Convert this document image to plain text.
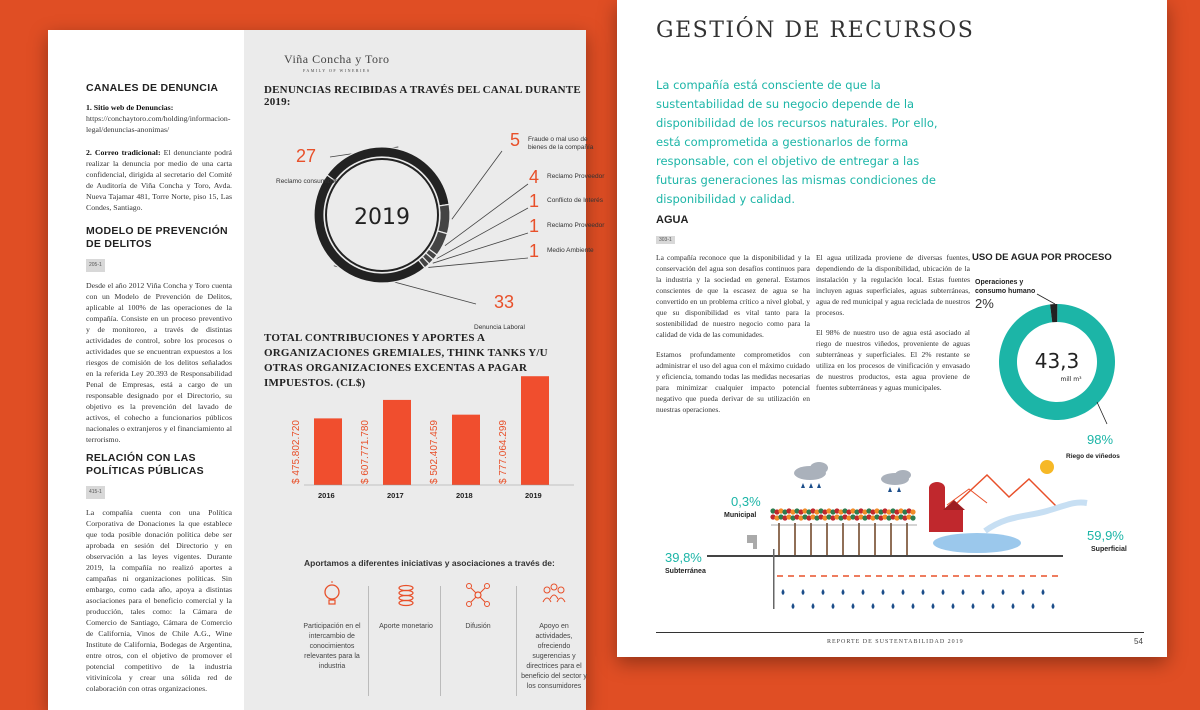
CANALES DE DENUNCIA

1. Sitio web de Denuncias:
https://conchaytoro.com/holding/informacion-legal/denuncias-anonimas/

2. Correo tradicional: El denunciante podrá realizar la denuncia por medio de una carta confidencial, dirigida al secretario del Comité de Auditoría de Viña Concha y Toro, Avda. Nueva Tajamar 481, Torre Norte, piso 15, Las Condes, Santiago.

MODELO DE PREVENCIÓN DE DELITOS
205-1

Desde el año 2012 Viña Concha y Toro cuenta con un Modelo de Prevención de Delitos, aplicable al 100% de las operaciones de la compañía. Consiste en un proceso preventivo y de monitoreo, a través de distintas actividades de control, sobre los procesos o actividades que se encuentran expuestos a los riesgos de comisión de los delitos señalados en la referida Ley 20.393 de Responsabilidad Penal de Empresas, está a cargo de un responsable designado por el Directorio, su objetivo es la prevención del lavado de activos, el cohecho a funcionarios públicos nacionales o extranjeros y el financiamiento al terrorismo.

RELACIÓN CON LAS POLÍTICAS PÚBLICAS
415-1

La compañía cuenta con una Política Corporativa de Donaciones la que establece que toda posible donación política debe ser aprobada en sesión del Directorio y en observación a las leyes vigentes. Durante 2019, la compañía no realizó aportes a campañas ni organizaciones políticas. Sin embargo, como cada año, apoya a distintas asociaciones para el beneficio comercial y la producción, tales como: la Cámara de Comercio de Santiago, Cámara de Comercio de California, Vinos de Chile A.G., Wine Institute de California, Bodegas de Argentina, entre otros, con el objetivo de promover el potencial competitivo de la industria vitivinícola y crear una sólida red de colaboración con otras organizaciones.

Viña Concha y Toro
FAMILY OF WINERIES
DENUNCIAS RECIBIDAS A TRAVÉS DEL CANAL DURANTE 2019:
2019
33
Denuncia Laboral
27
Reclamo consumidor
5 Fraude o mal uso de bienes de la compañía
4 Reclamo Proveedor
1 Conflicto de Interés
1 Reclamo Proveedor
1 Medio Ambiente
TOTAL CONTRIBUCIONES Y APORTES A ORGANIZACIONES GREMIALES, THINK TANKS Y/U OTRAS ORGANIZACIONES EXCENTAS A PAGAR IMPUESTOS. (CL$)
$ 475.802.720
2016
$ 607.771.780
2017
$ 502.407.459
2018
$ 777.064.299
2019
Aportamos a diferentes iniciativas y asociaciones a través de:
Participación en el intercambio de conocimientos relevantes para la industria
Aporte monetario	Difusión	Apoyo en actividades, ofreciendo sugerencias y directrices para el beneficio del sector y los consumidores
GESTIÓN DE RECURSOS
La compañía está consciente de que la sustentabilidad de su negocio depende de la disponibilidad de los recursos naturales. Por ello, está comprometida a gestionarlos de forma responsable, con el objetivo de entregar a las futuras generaciones las mismas condiciones de disponibilidad y calidad.
AGUA
303-1

La compañía reconoce que la disponibilidad y la conservación del agua son desafíos continuos para la industria y la sociedad en general. Estamos conscientes de que la escasez de agua se ha convertido en un problema crítico a nivel global, y que su disponibilidad es vital tanto para la sostenibilidad de nuestro negocio como para la calidad de vida de las comunidades.

Estamos profundamente comprometidos con administrar el uso del agua con el máximo cuidado y eficiencia, tomando todas las medidas necesarias para minimizar cualquier impacto potencial negativo que pueda derivar de su utilización en nuestras operaciones.

El agua utilizada proviene de diversas fuentes, dependiendo de la disponibilidad, ubicación de la instalación y la regulación local. Estas fuentes incluyen aguas superficiales, aguas subterráneas, agua de red municipal y agua reciclada de nuestros procesos.

El 98% de nuestro uso de agua está asociado al riego de nuestros viñedos, proveniente de aguas subterráneas y superficiales. El 2% restante se utiliza en los procesos de vinificación y envasado de nuestros productos, esta agua proviene de fuentes subterráneas y aguas municipales.

USO DE AGUA POR PROCESO
43,3
mill m³
Operaciones y consumo humano
2%
98%
Riego de viñedos
0,3%
Municipal
39,8%
Subterránea
59,9%
Superficial
REPORTE DE SUSTENTABILIDAD 2019	54
